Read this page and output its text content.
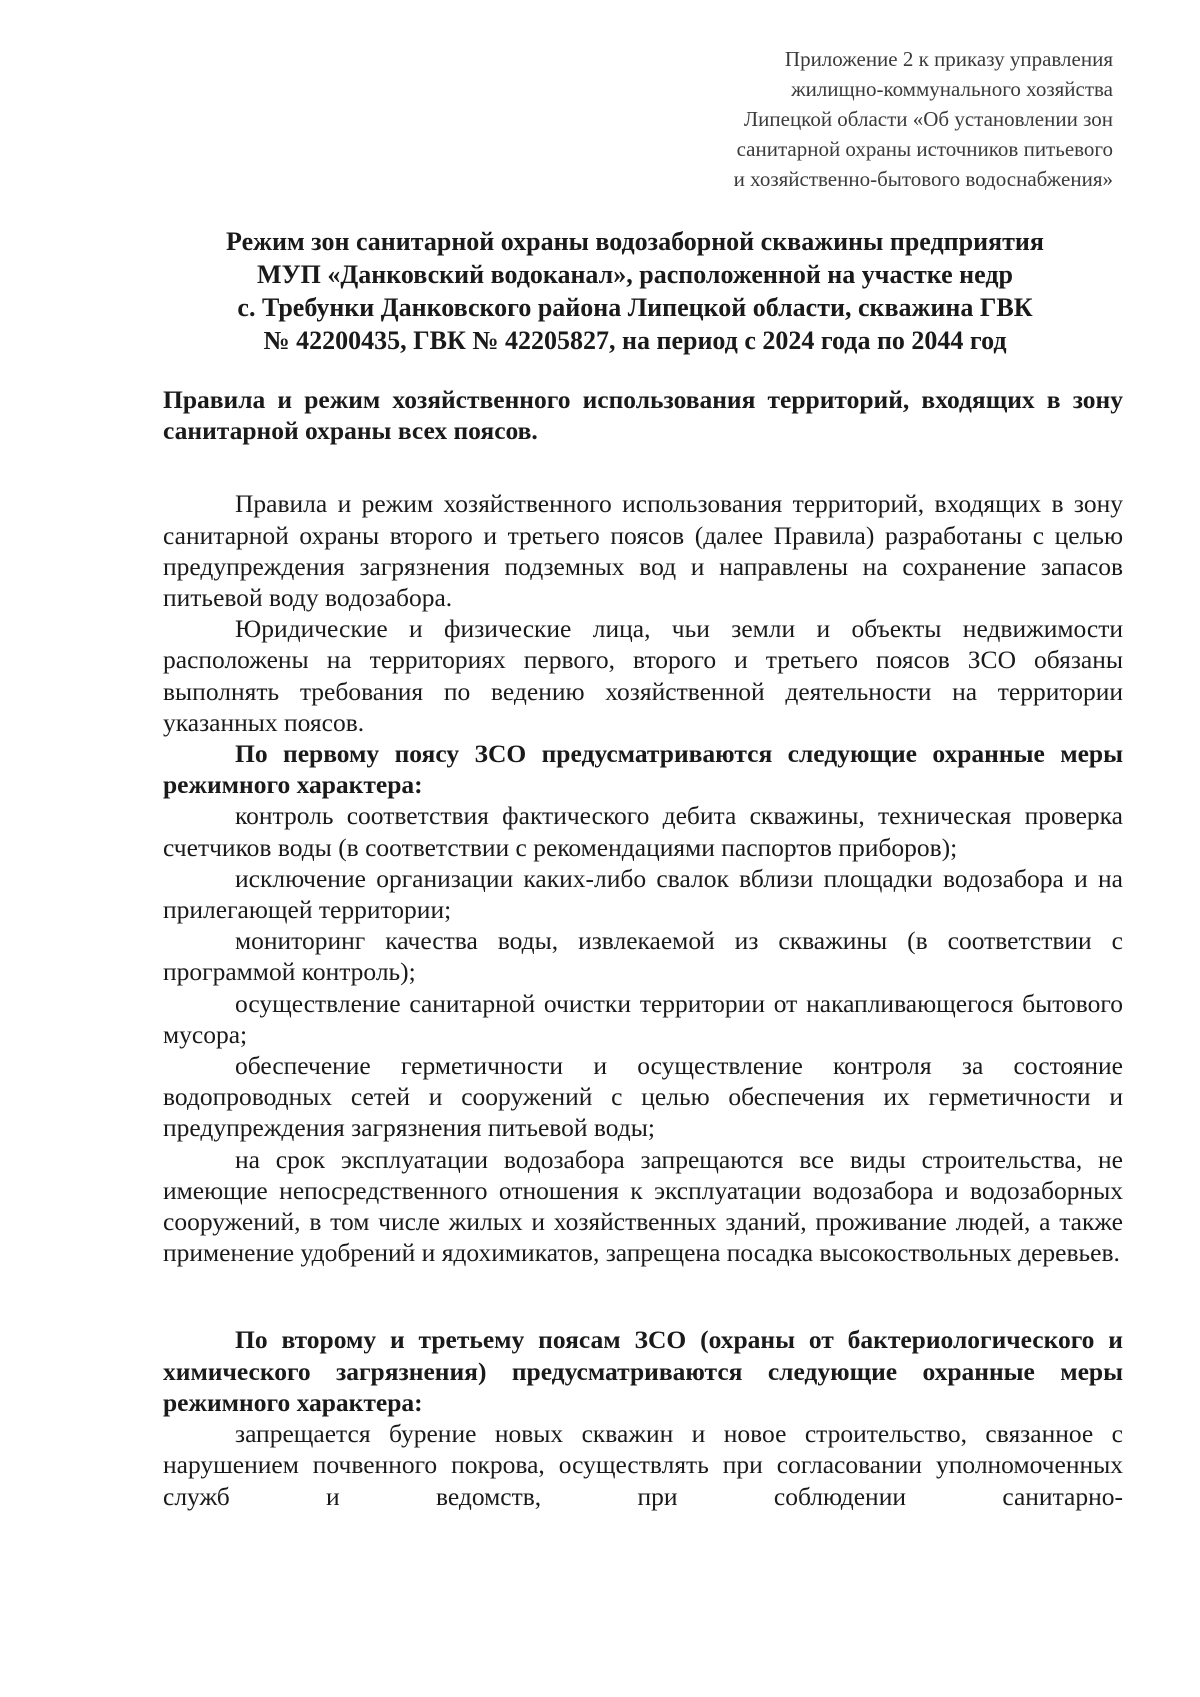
Приложение 2 к приказу управления
жилищно-коммунального хозяйства
Липецкой области «Об установлении зон
санитарной охраны источников питьевого
и хозяйственно-бытового водоснабжения»
Режим зон санитарной охраны водозаборной скважины предприятия
МУП «Данковский водоканал», расположенной на участке недр
с. Требунки Данковского района Липецкой области, скважина ГВК
№ 42200435, ГВК № 42205827, на период с 2024 года по 2044 год

Правила и режим хозяйственного использования территорий, входящих в зону санитарной охраны всех поясов.

Правила и режим хозяйственного использования территорий, входящих в зону санитарной охраны второго и третьего поясов (далее Правила) разработаны с целью предупреждения загрязнения подземных вод и направлены на сохранение запасов питьевой воду водозабора.

Юридические и физические лица, чьи земли и объекты недвижимости расположены на территориях первого, второго и третьего поясов ЗСО обязаны выполнять требования по ведению хозяйственной деятельности на территории указанных поясов.

По первому поясу ЗСО предусматриваются следующие охранные меры режимного характера:

контроль соответствия фактического дебита скважины, техническая проверка счетчиков воды (в соответствии с рекомендациями паспортов приборов);

исключение организации каких-либо свалок вблизи площадки водозабора и на прилегающей территории;

мониторинг качества воды, извлекаемой из скважины (в соответствии с программой контроль);

осуществление санитарной очистки территории от накапливающегося бытового мусора;

обеспечение герметичности и осуществление контроля за состояние водопроводных сетей и сооружений с целью обеспечения их герметичности и предупреждения загрязнения питьевой воды;

на срок эксплуатации водозабора запрещаются все виды строительства, не имеющие непосредственного отношения к эксплуатации водозабора и водозаборных сооружений, в том числе жилых и хозяйственных зданий, проживание людей, а также применение удобрений и ядохимикатов, запрещена посадка высокоствольных деревьев.

По второму и третьему поясам ЗСО (охраны от бактериологического и химического загрязнения) предусматриваются следующие охранные меры режимного характера:

запрещается бурение новых скважин и новое строительство, связанное с нарушением почвенного покрова, осуществлять при согласовании уполномоченных служб и ведомств, при соблюдении санитарно-
